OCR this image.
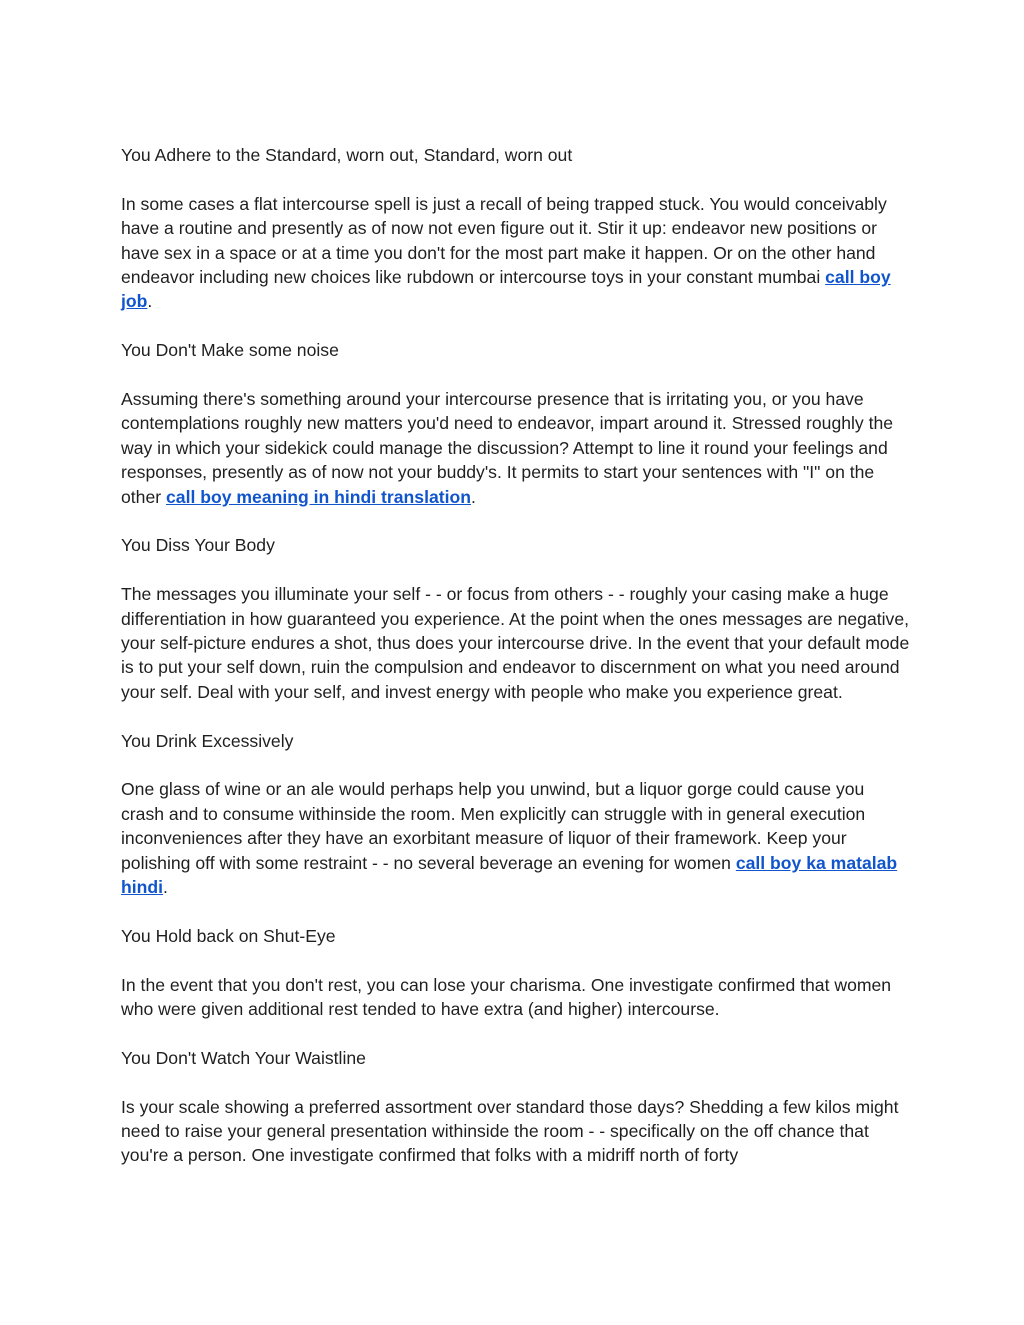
You Adhere to the Standard, worn out, Standard, worn out

In some cases a flat intercourse spell is just a recall of being trapped stuck. You would conceivably have a routine and presently as of now not even figure out it. Stir it up: endeavor new positions or have sex in a space or at a time you don't for the most part make it happen. Or on the other hand endeavor including new choices like rubdown or intercourse toys in your constant mumbai call boy job.

You Don't Make some noise

Assuming there's something around your intercourse presence that is irritating you, or you have contemplations roughly new matters you'd need to endeavor, impart around it. Stressed roughly the way in which your sidekick could manage the discussion? Attempt to line it round your feelings and responses, presently as of now not your buddy's. It permits to start your sentences with "I" on the other call boy meaning in hindi translation.

You Diss Your Body

The messages you illuminate your self - - or focus from others - - roughly your casing make a huge differentiation in how guaranteed you experience. At the point when the ones messages are negative, your self-picture endures a shot, thus does your intercourse drive. In the event that your default mode is to put your self down, ruin the compulsion and endeavor to discernment on what you need around your self. Deal with your self, and invest energy with people who make you experience great.

You Drink Excessively

One glass of wine or an ale would perhaps help you unwind, but a liquor gorge could cause you crash and to consume withinside the room. Men explicitly can struggle with in general execution inconveniences after they have an exorbitant measure of liquor of their framework. Keep your polishing off with some restraint - - no several beverage an evening for women call boy ka matalab hindi.

You Hold back on Shut-Eye

In the event that you don't rest, you can lose your charisma. One investigate confirmed that women who were given additional rest tended to have extra (and higher) intercourse.

You Don't Watch Your Waistline

Is your scale showing a preferred assortment over standard those days? Shedding a few kilos might need to raise your general presentation withinside the room - - specifically on the off chance that you're a person. One investigate confirmed that folks with a midriff north of forty
